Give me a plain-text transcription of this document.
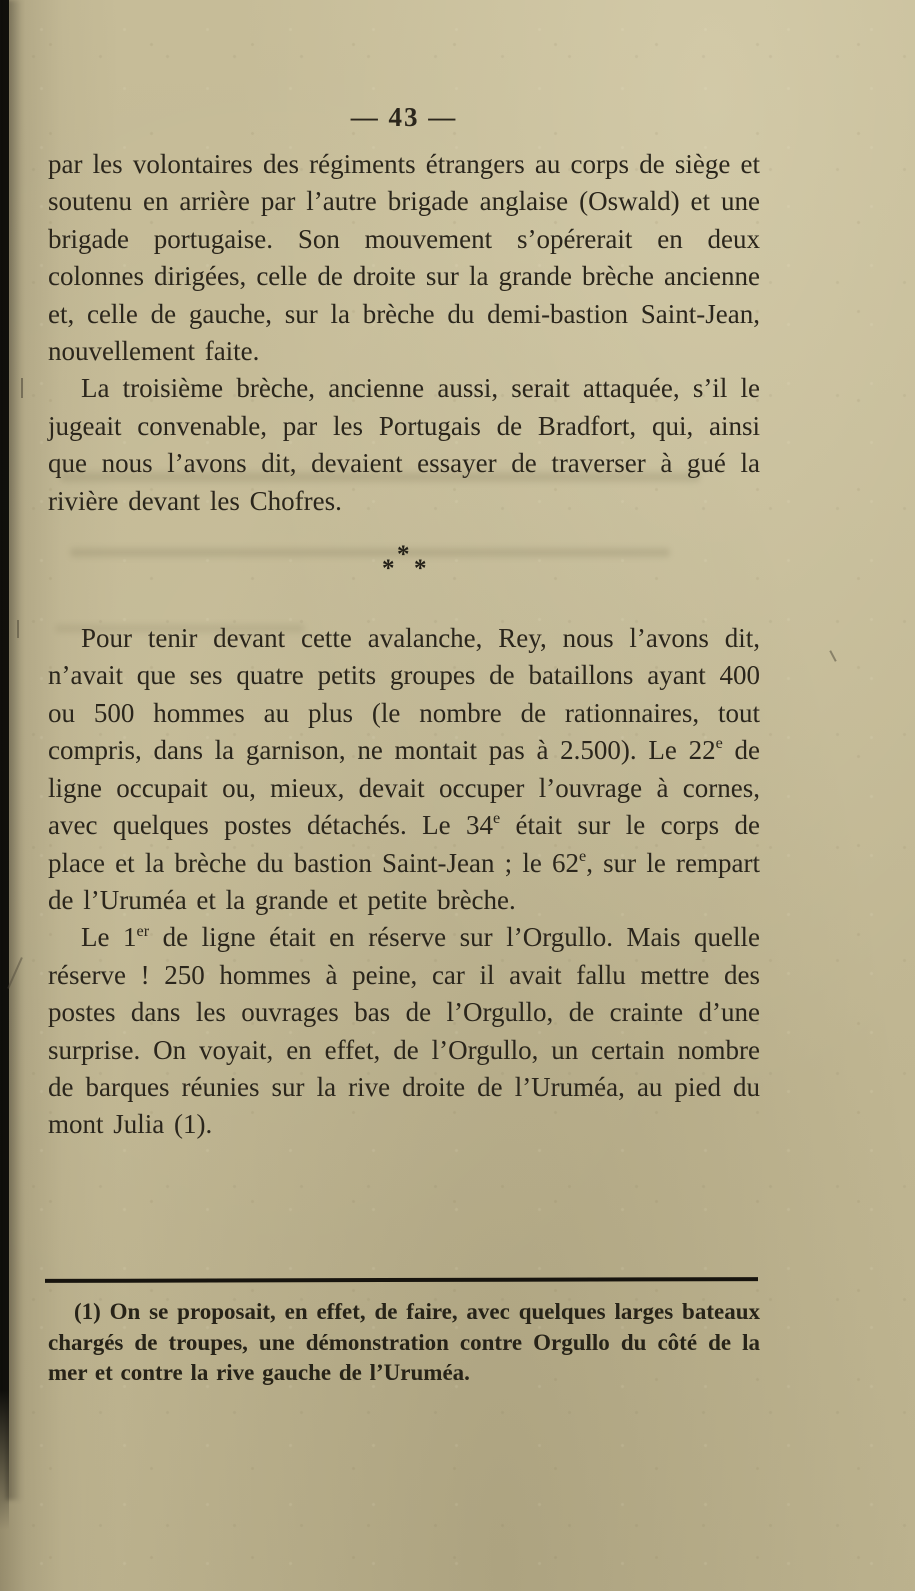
— 43 —
par les volontaires des régiments étrangers au corps de siège et soutenu en arrière par l’autre brigade anglaise (Oswald) et une brigade portugaise. Son mouvement s’opérerait en deux colonnes dirigées, celle de droite sur la grande brèche ancienne et, celle de gauche, sur la brèche du demi-bastion Saint-Jean, nouvellement faite.
La troisième brèche, ancienne aussi, serait attaquée, s’il le jugeait convenable, par les Portugais de Bradfort, qui, ainsi que nous l’avons dit, devaient essayer de traverser à gué la rivière devant les Chofres.
*
* *
Pour tenir devant cette avalanche, Rey, nous l’avons dit, n’avait que ses quatre petits groupes de bataillons ayant 400 ou 500 hommes au plus (le nombre de rationnaires, tout compris, dans la garnison, ne montait pas à 2.500). Le 22e de ligne occupait ou, mieux, devait occuper l’ouvrage à cornes, avec quelques postes détachés. Le 34e était sur le corps de place et la brèche du bastion Saint-Jean ; le 62e, sur le rempart de l’Uruméa et la grande et petite brèche.
Le 1er de ligne était en réserve sur l’Orgullo. Mais quelle réserve ! 250 hommes à peine, car il avait fallu mettre des postes dans les ouvrages bas de l’Orgullo, de crainte d’une surprise. On voyait, en effet, de l’Orgullo, un certain nombre de barques réunies sur la rive droite de l’Uruméa, au pied du mont Julia (1).
(1) On se proposait, en effet, de faire, avec quelques larges bateaux chargés de troupes, une démonstration contre Orgullo du côté de la mer et contre la rive gauche de l’Uruméa.
